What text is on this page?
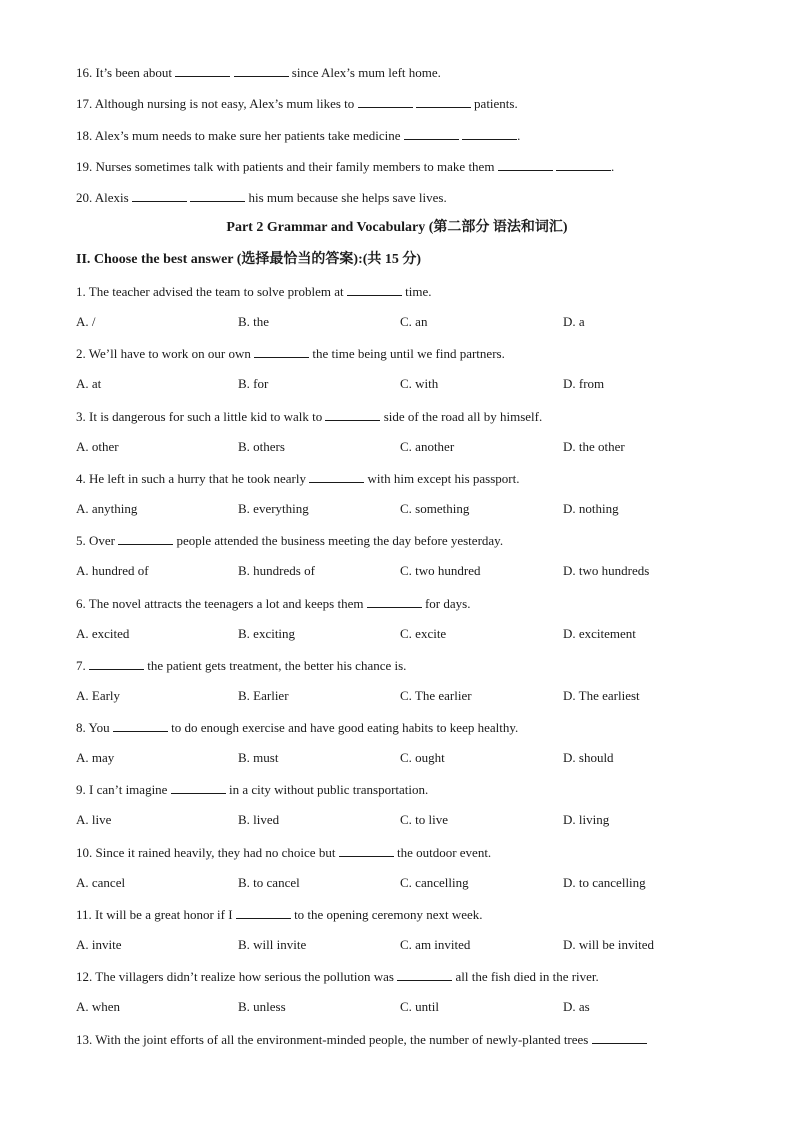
16. It’s been about	since Alex’s mum left home.
17. Although nursing is not easy, Alex’s mum likes to	patients.
18. Alex’s mum needs to make sure her patients take medicine	.
19. Nurses sometimes talk with patients and their family members to make them	.
20. Alexis	his mum because she helps save lives.
Part 2 Grammar and Vocabulary (第二部分 语法和词汇)
II. Choose the best answer (选择最恰当的答案):(共 15 分)
1. The teacher advised the team to solve problem at	time.
A. /	B. the	C. an	D. a
2. We’ll have to work on our own	the time being until we find partners.
A. at	B. for	C. with	D. from
3. It is dangerous for such a little kid to walk to	side of the road all by himself.
A. other	B. others	C. another	D. the other
4. He left in such a hurry that he took nearly	with him except his passport.
A. anything	B. everything	C. something	D. nothing
5. Over	people attended the business meeting the day before yesterday.
A. hundred of	B. hundreds of	C. two hundred	D. two hundreds
6. The novel attracts the teenagers a lot and keeps them	for days.
A. excited	B. exciting	C. excite	D. excitement
7.	the patient gets treatment, the better his chance is.
A. Early	B. Earlier	C. The earlier	D. The earliest
8. You	to do enough exercise and have good eating habits to keep healthy.
A. may	B. must	C. ought	D. should
9. I can’t imagine	in a city without public transportation.
A. live	B. lived	C. to live	D. living
10. Since it rained heavily, they had no choice but	the outdoor event.
A. cancel	B. to cancel	C. cancelling	D. to cancelling
11. It will be a great honor if I	to the opening ceremony next week.
A. invite	B. will invite	C. am invited	D. will be invited
12. The villagers didn’t realize how serious the pollution was	all the fish died in the river.
A. when	B. unless	C. until	D. as
13. With the joint efforts of all the environment-minded people, the number of newly-planted trees
